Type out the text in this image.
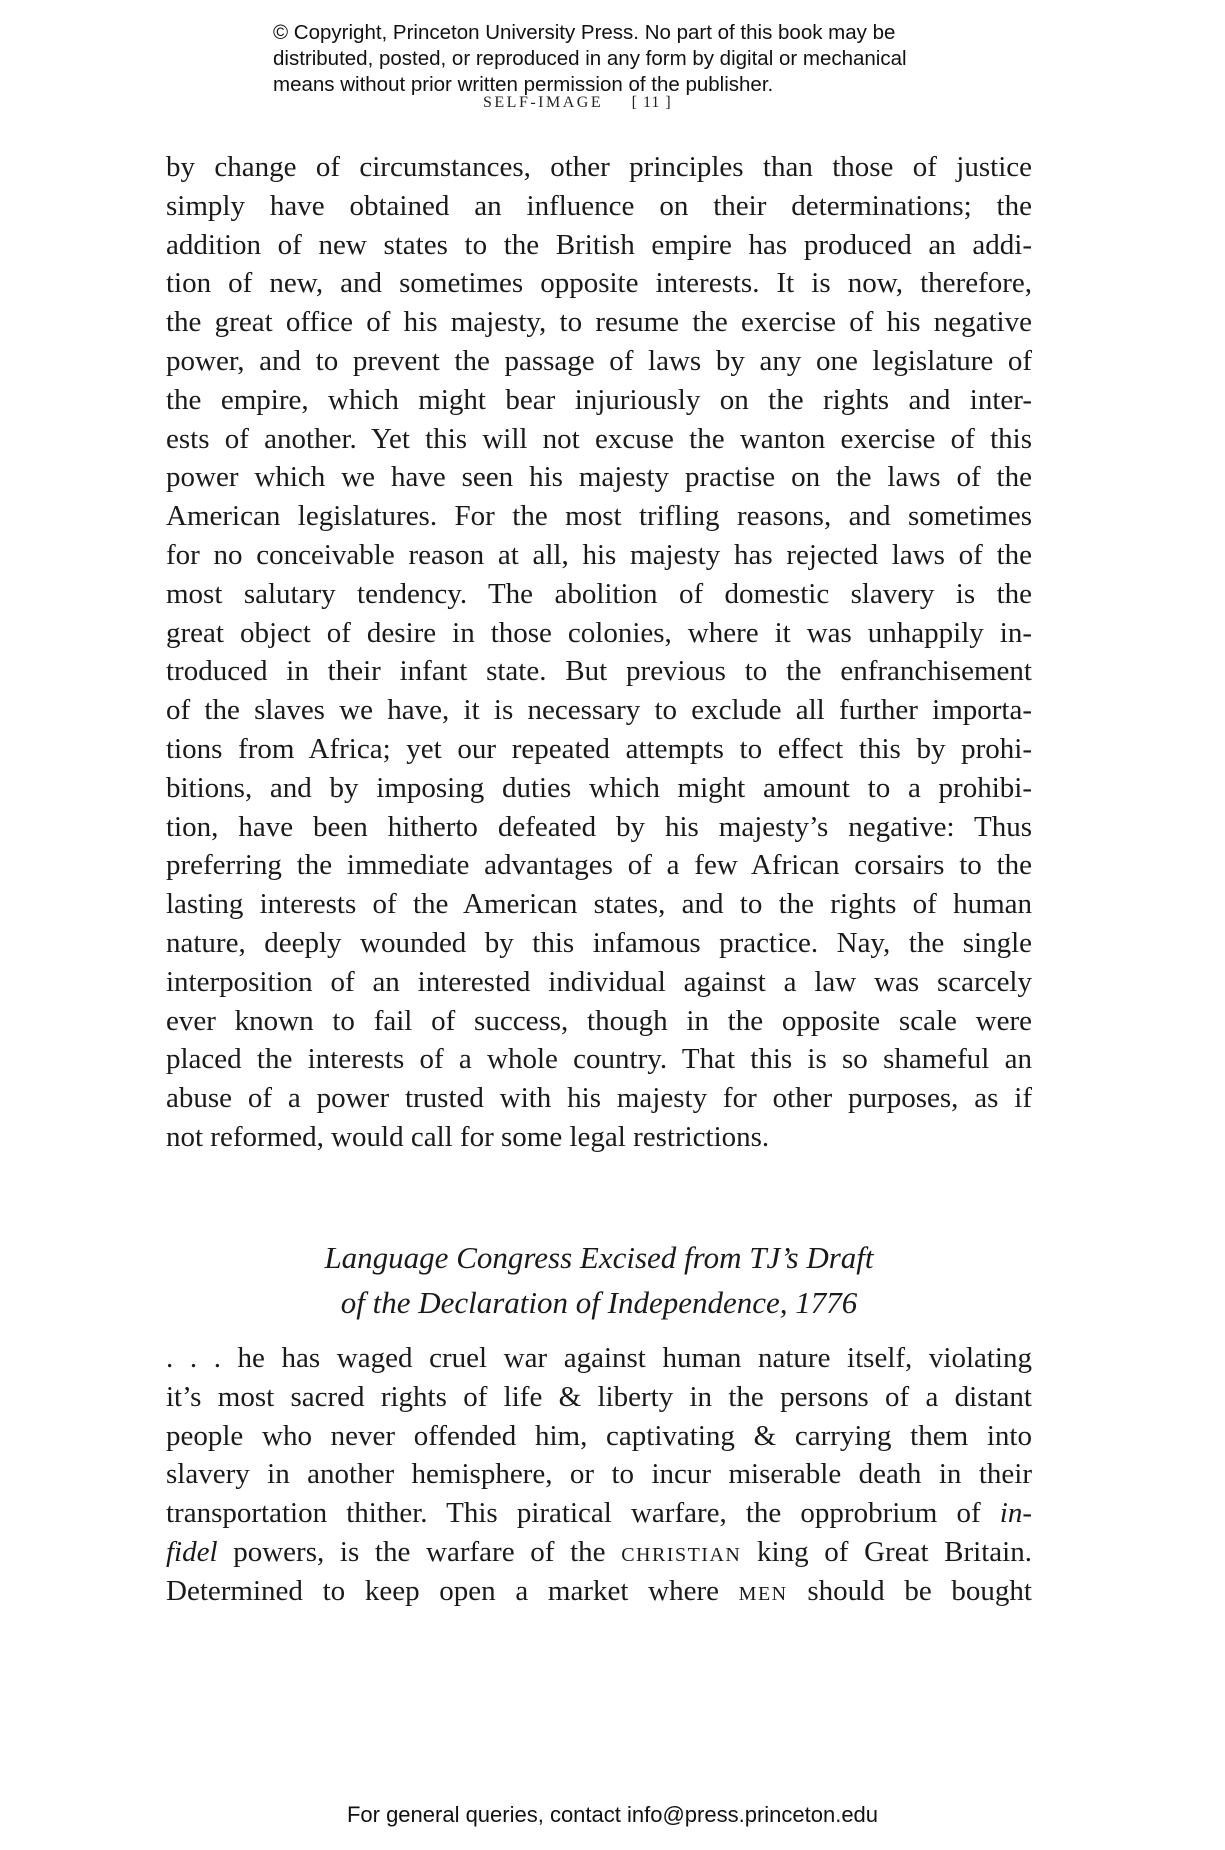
© Copyright, Princeton University Press. No part of this book may be
distributed, posted, or reproduced in any form by digital or mechanical
means without prior written permission of the publisher.
SELF-IMAGE [ 11 ]
by change of circumstances, other principles than those of justice
simply have obtained an influence on their determinations; the
addition of new states to the British empire has produced an addi-
tion of new, and sometimes opposite interests. It is now, therefore,
the great office of his majesty, to resume the exercise of his negative
power, and to prevent the passage of laws by any one legislature of
the empire, which might bear injuriously on the rights and inter-
ests of another. Yet this will not excuse the wanton exercise of this
power which we have seen his majesty practise on the laws of the
American legislatures. For the most trifling reasons, and sometimes
for no conceivable reason at all, his majesty has rejected laws of the
most salutary tendency. The abolition of domestic slavery is the
great object of desire in those colonies, where it was unhappily in-
troduced in their infant state. But previous to the enfranchisement
of the slaves we have, it is necessary to exclude all further importa-
tions from Africa; yet our repeated attempts to effect this by prohi-
bitions, and by imposing duties which might amount to a prohibi-
tion, have been hitherto defeated by his majesty’s negative: Thus
preferring the immediate advantages of a few African corsairs to the
lasting interests of the American states, and to the rights of human
nature, deeply wounded by this infamous practice. Nay, the single
interposition of an interested individual against a law was scarcely
ever known to fail of success, though in the opposite scale were
placed the interests of a whole country. That this is so shameful an
abuse of a power trusted with his majesty for other purposes, as if
not reformed, would call for some legal restrictions.
Language Congress Excised from TJ’s Draft
of the Declaration of Independence, 1776
. . . he has waged cruel war against human nature itself, violating
it’s most sacred rights of life & liberty in the persons of a distant
people who never offended him, captivating & carrying them into
slavery in another hemisphere, or to incur miserable death in their
transportation thither. This piratical warfare, the opprobrium of in-
fidel powers, is the warfare of the christian king of Great Britain.
Determined to keep open a market where men should be bought
For general queries, contact info@press.princeton.edu
